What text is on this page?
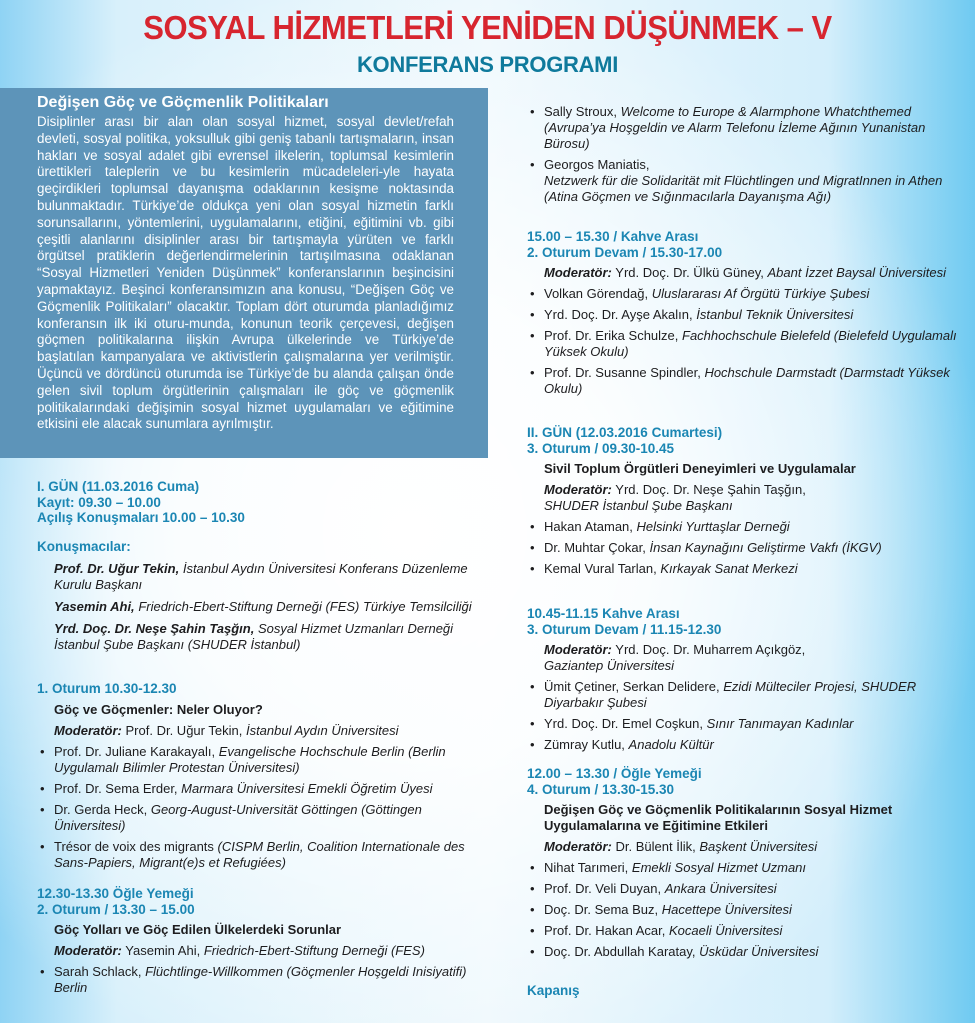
SOSYAL HİZMETLERİ YENİDEN DÜŞÜNMEK – V
KONFERANS PROGRAMI
Değişen Göç ve Göçmenlik Politikaları

Disiplinler arası bir alan olan sosyal hizmet, sosyal devlet/refah devleti, sosyal politika, yoksulluk gibi geniş tabanlı tartışmaların, insan hakları ve sosyal adalet gibi evrensel ilkelerin, toplumsal kesimlerin ürettikleri taleplerin ve bu kesimlerin mücadeleleri-yle hayata geçirdikleri toplumsal dayanışma odaklarının kesişme noktasında bulunmaktadır. Türkiye’de oldukça yeni olan sosyal hizmetin farklı sorunsallarını, yöntemlerini, uygulamalarını, etiğini, eğitimini vb. gibi çeşitli alanlarını disiplinler arası bir tartışmayla yürüten ve farklı örgütsel pratiklerin değerlendirmelerinin tartışılmasına odaklanan “Sosyal Hizmetleri Yeniden Düşünmek” konferanslarının beşincisini yapmaktayız. Beşinci konferansımızın ana konusu, “Değişen Göç ve Göçmenlik Politikaları” olacaktır. Toplam dört oturumda planladığımız konferansın ilk iki oturu-munda, konunun teorik çerçevesi, değişen göçmen politikalarına ilişkin Avrupa ülkelerinde ve Türkiye’de başlatılan kampanyalara ve aktivistlerin çalışmalarına yer verilmiştir. Üçüncü ve dördüncü oturumda ise Türkiye’de bu alanda çalışan önde gelen sivil toplum örgütlerinin çalışmaları ile göç ve göçmenlik politikalarındaki değişimin sosyal hizmet uygulamaları ve eğitimine etkisini ele alacak sunumlara ayrılmıştır.

I. GÜN (11.03.2016 Cuma)
Kayıt: 09.30 – 10.00
Açılış Konuşmaları 10.00 – 10.30
Konuşmacılar:
Prof. Dr. Uğur Tekin, İstanbul Aydın Üniversitesi Konferans Düzenleme Kurulu Başkanı
Yasemin Ahi, Friedrich-Ebert-Stiftung Derneği (FES) Türkiye Temsilciliği
Yrd. Doç. Dr. Neşe Şahin Taşğın, Sosyal Hizmet Uzmanları Derneği İstanbul Şube Başkanı (SHUDER İstanbul)
1. Oturum 10.30-12.30
Göç ve Göçmenler: Neler Oluyor?
Moderatör: Prof. Dr. Uğur Tekin, İstanbul Aydın Üniversitesi
• Prof. Dr. Juliane Karakayalı, Evangelische Hochschule Berlin (Berlin Uygulamalı Bilimler Protestan Üniversitesi)
• Prof. Dr. Sema Erder, Marmara Üniversitesi Emekli Öğretim Üyesi
• Dr. Gerda Heck, Georg-August-Universität Göttingen (Göttingen Üniversitesi)
• Trésor de voix des migrants (CISPM Berlin, Coalition Internationale des Sans-Papiers, Migrant(e)s et Refugiées)
12.30-13.30 Öğle Yemeği
2. Oturum / 13.30 – 15.00
Göç Yolları ve Göç Edilen Ülkelerdeki Sorunlar
Moderatör: Yasemin Ahi, Friedrich-Ebert-Stiftung Derneği (FES)
• Sarah Schlack, Flüchtlinge-Willkommen (Göçmenler Hoşgeldi Inisiyatifi) Berlin
• Sally Stroux, Welcome to Europe & Alarmphone Whatchthemed (Avrupa’ya Hoşgeldin ve Alarm Telefonu İzleme Ağının Yunanistan Bürosu)
• Georgos Maniatis,
Netzwerk für die Solidarität mit Flüchtlingen und MigratInnen in Athen (Atina Göçmen ve Sığınmacılarla Dayanışma Ağı)
15.00 – 15.30 / Kahve Arası
2. Oturum Devam / 15.30-17.00
Moderatör: Yrd. Doç. Dr. Ülkü Güney, Abant İzzet Baysal Üniversitesi
• Volkan Görendağ, Uluslararası Af Örgütü Türkiye Şubesi
• Yrd. Doç. Dr. Ayşe Akalın, İstanbul Teknik Üniversitesi
• Prof. Dr. Erika Schulze, Fachhochschule Bielefeld (Bielefeld Uygulamalı Yüksek Okulu)
• Prof. Dr. Susanne Spindler, Hochschule Darmstadt (Darmstadt Yüksek Okulu)
II. GÜN (12.03.2016 Cumartesi)
3. Oturum / 09.30-10.45
Sivil Toplum Örgütleri Deneyimleri ve Uygulamalar
Moderatör: Yrd. Doç. Dr. Neşe Şahin Taşğın,
SHUDER İstanbul Şube Başkanı
• Hakan Ataman, Helsinki Yurttaşlar Derneği
• Dr. Muhtar Çokar, İnsan Kaynağını Geliştirme Vakfı (İKGV)
• Kemal Vural Tarlan, Kırkayak Sanat Merkezi
10.45-11.15 Kahve Arası
3. Oturum Devam / 11.15-12.30
Moderatör: Yrd. Doç. Dr. Muharrem Açıkgöz,
Gaziantep Üniversitesi
• Ümit Çetiner, Serkan Delidere, Ezidi Mülteciler Projesi, SHUDER Diyarbakır Şubesi
• Yrd. Doç. Dr. Emel Coşkun, Sınır Tanımayan Kadınlar
• Zümray Kutlu, Anadolu Kültür
12.00 – 13.30 / Öğle Yemeği
4. Oturum / 13.30-15.30
Değişen Göç ve Göçmenlik Politikalarının Sosyal Hizmet Uygulamalarına ve Eğitimine Etkileri
Moderatör: Dr. Bülent İlik, Başkent Üniversitesi
• Nihat Tarımeri, Emekli Sosyal Hizmet Uzmanı
• Prof. Dr. Veli Duyan, Ankara Üniversitesi
• Doç. Dr. Sema Buz, Hacettepe Üniversitesi
• Prof. Dr. Hakan Acar, Kocaeli Üniversitesi
• Doç. Dr. Abdullah Karatay, Üsküdar Üniversitesi
Kapanış
